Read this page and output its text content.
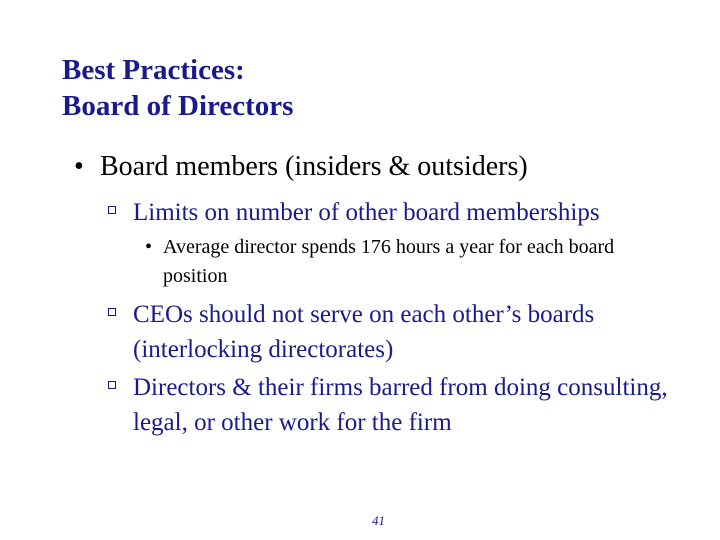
Best Practices:
Board of Directors
• Board members (insiders & outsiders)
Limits on number of other board memberships
• Average director spends 176 hours a year for each board position
CEOs should not serve on each other’s boards (interlocking directorates)
Directors & their firms barred from doing consulting, legal, or other work for the firm
41
